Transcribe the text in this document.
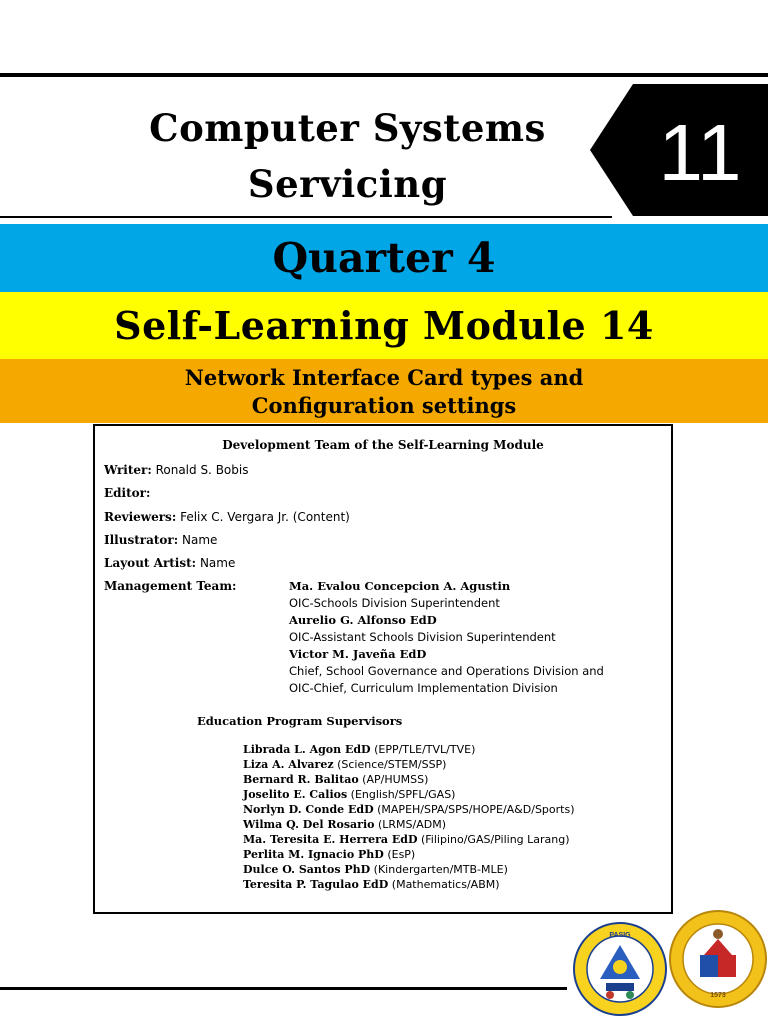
Computer Systems
Servicing	11
Quarter 4
Self-Learning Module 14
Network Interface Card types and
Configuration settings
Development Team of the Self-Learning Module
Writer: Ronald S. Bobis
Editor:
Reviewers: Felix C. Vergara Jr. (Content)
Illustrator: Name
Layout Artist: Name
Management Team:	Ma. Evalou Concepcion A. Agustin
OIC-Schools Division Superintendent
Aurelio G. Alfonso EdD
OIC-Assistant Schools Division Superintendent
Victor M. Javeña EdD
Chief, School Governance and Operations Division and
OIC-Chief, Curriculum Implementation Division
Education Program Supervisors
Librada L. Agon EdD (EPP/TLE/TVL/TVE)
Liza A. Alvarez (Science/STEM/SSP)
Bernard R. Balitao (AP/HUMSS)
Joselito E. Calios (English/SPFL/GAS)
Norlyn D. Conde EdD (MAPEH/SPA/SPS/HOPE/A&D/Sports)
Wilma Q. Del Rosario (LRMS/ADM)
Ma. Teresita E. Herrera EdD (Filipino/GAS/Piling Larang)
Perlita M. Ignacio PhD (EsP)
Dulce O. Santos PhD (Kindergarten/MTB-MLE)
Teresita P. Tagulao EdD (Mathematics/ABM)
PASIG
1573
